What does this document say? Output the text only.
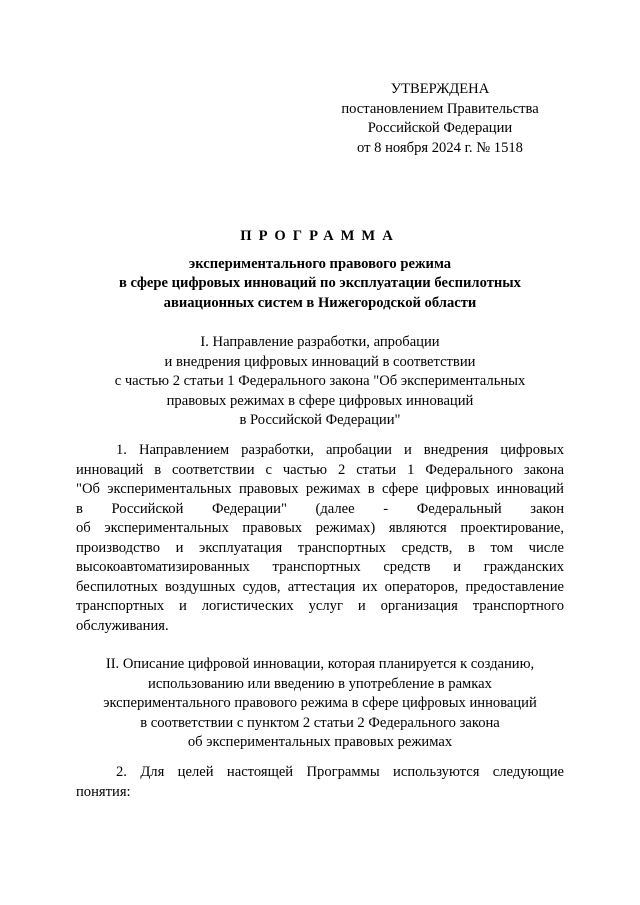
УТВЕРЖДЕНА
постановлением Правительства
Российской Федерации
от 8 ноября 2024 г. № 1518
ПРОГРАММА
экспериментального правового режима
в сфере цифровых инноваций по эксплуатации беспилотных
авиационных систем в Нижегородской области
I. Направление разработки, апробации
и внедрения цифровых инноваций в соответствии
с частью 2 статьи 1 Федерального закона "Об экспериментальных
правовых режимах в сфере цифровых инноваций
в Российской Федерации"
1. Направлением разработки, апробации и внедрения цифровых
инноваций в соответствии с частью 2 статьи 1 Федерального закона
"Об экспериментальных правовых режимах в сфере цифровых инноваций
в Российской Федерации" (далее - Федеральный закон
об экспериментальных правовых режимах) являются проектирование,
производство и эксплуатация транспортных средств, в том числе
высокоавтоматизированных транспортных средств и гражданских
беспилотных воздушных судов, аттестация их операторов, предоставление
транспортных и логистических услуг и организация транспортного
обслуживания.
II. Описание цифровой инновации, которая планируется к созданию,
использованию или введению в употребление в рамках
экспериментального правового режима в сфере цифровых инноваций
в соответствии с пунктом 2 статьи 2 Федерального закона
об экспериментальных правовых режимах
2. Для целей настоящей Программы используются следующие
понятия:
